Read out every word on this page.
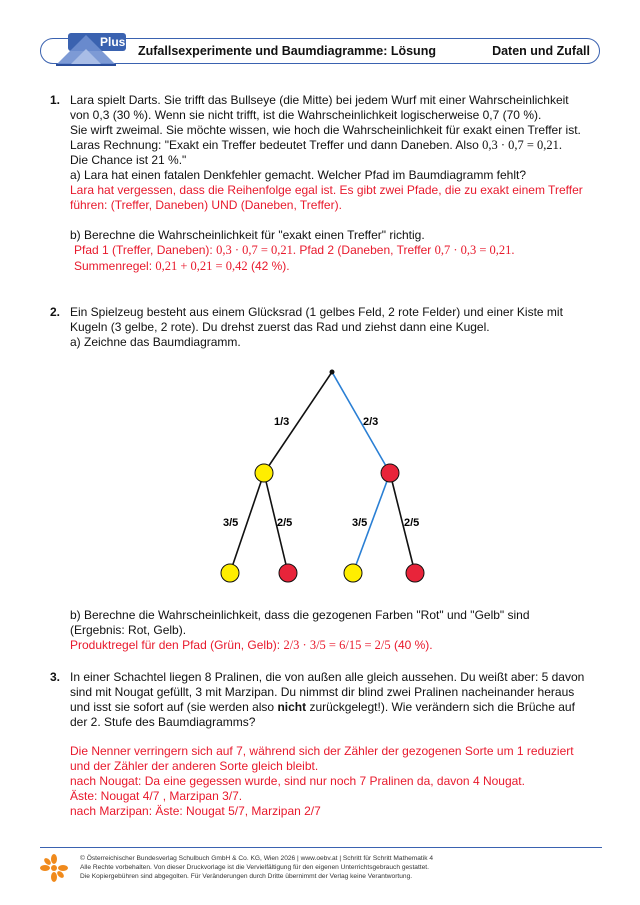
Plus
Zufallsexperimente und Baumdiagramme: Lösung	Daten und Zufall
1. Lara spielt Darts. Sie trifft das Bullseye (die Mitte) bei jedem Wurf mit einer Wahrscheinlichkeit
von 0,3 (30 %). Wenn sie nicht trifft, ist die Wahrscheinlichkeit logischerweise 0,7 (70 %).
Sie wirft zweimal. Sie möchte wissen, wie hoch die Wahrscheinlichkeit für exakt einen Treffer ist.
Laras Rechnung: "Exakt ein Treffer bedeutet Treffer und dann Daneben. Also 0,3 · 0,7 = 0,21.
Die Chance ist 21 %."
a) Lara hat einen fatalen Denkfehler gemacht. Welcher Pfad im Baumdiagramm fehlt?
Lara hat vergessen, dass die Reihenfolge egal ist. Es gibt zwei Pfade, die zu exakt einem Treffer
führen: (Treffer, Daneben) UND (Daneben, Treffer).
b) Berechne die Wahrscheinlichkeit für "exakt einen Treffer" richtig.
Pfad 1 (Treffer, Daneben): 0,3 · 0,7 = 0,21. Pfad 2 (Daneben, Treffer 0,7 · 0,3 = 0,21.
Summenregel: 0,21 + 0,21 = 0,42 (42 %).
2. Ein Spielzeug besteht aus einem Glücksrad (1 gelbes Feld, 2 rote Felder) und einer Kiste mit
Kugeln (3 gelbe, 2 rote). Du drehst zuerst das Rad und ziehst dann eine Kugel.
a) Zeichne das Baumdiagramm.
1/3	2/3
3/5	2/5	3/5	2/5
b) Berechne die Wahrscheinlichkeit, dass die gezogenen Farben "Rot" und "Gelb" sind
(Ergebnis: Rot, Gelb).
Produktregel für den Pfad (Grün, Gelb): 2/3 · 3/5 = 6/15 = 2/5 (40 %).
3. In einer Schachtel liegen 8 Pralinen, die von außen alle gleich aussehen. Du weißt aber: 5 davon
sind mit Nougat gefüllt, 3 mit Marzipan. Du nimmst dir blind zwei Pralinen nacheinander heraus
und isst sie sofort auf (sie werden also nicht zurückgelegt!). Wie verändern sich die Brüche auf
der 2. Stufe des Baumdiagramms?
Die Nenner verringern sich auf 7, während sich der Zähler der gezogenen Sorte um 1 reduziert
und der Zähler der anderen Sorte gleich bleibt.
nach Nougat: Da eine gegessen wurde, sind nur noch 7 Pralinen da, davon 4 Nougat.
Äste: Nougat 4/7 , Marzipan 3/7.
nach Marzipan: Äste: Nougat 5/7, Marzipan 2/7
© Österreichischer Bundesverlag Schulbuch GmbH & Co. KG, Wien 2026 | www.oebv.at | Schritt für Schritt Mathematik 4
Alle Rechte vorbehalten. Von dieser Druckvorlage ist die Vervielfältigung für den eigenen Unterrichtsgebrauch gestattet.
Die Kopiergebühren sind abgegolten. Für Veränderungen durch Dritte übernimmt der Verlag keine Verantwortung.
